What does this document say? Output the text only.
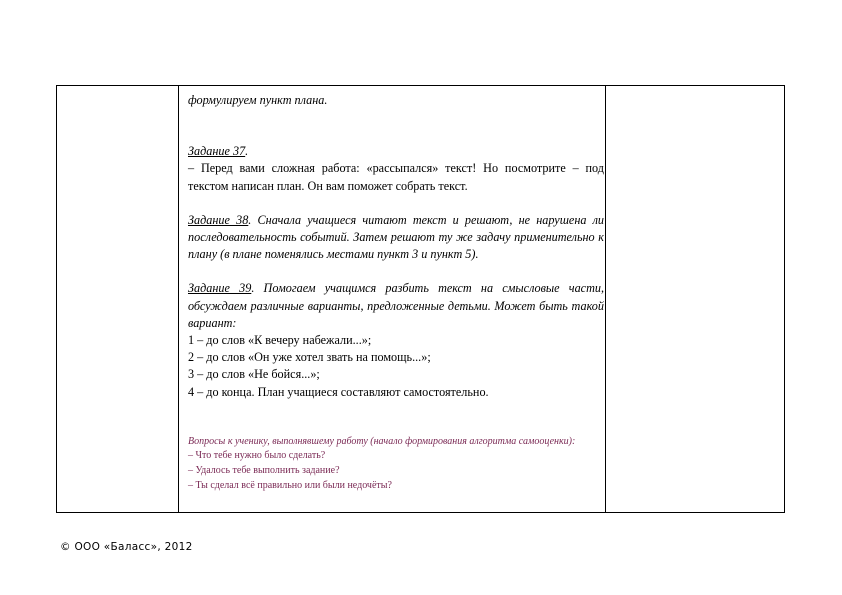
формулируем пункт плана.

Задание 37.

– Перед вами сложная работа: «рассыпался» текст! Но посмотрите – под текстом написан план. Он вам поможет собрать текст.

Задание 38. Сначала учащиеся читают текст и решают, не нарушена ли последовательность событий. Затем решают ту же задачу применительно к плану (в плане поменялись местами пункт 3 и пункт 5).

Задание 39. Помогаем учащимся разбить текст на смысловые части, обсуждаем различные варианты, предложенные детьми. Может быть такой вариант:

1 – до слов «К вечеру набежали...»;

2 – до слов «Он уже хотел звать на помощь...»;

3 – до слов «Не бойся...»;

4 – до конца. План учащиеся составляют самостоятельно.

Вопросы к ученику, выполнявшему работу (начало формирования алгоритма самооценки):

– Что тебе нужно было сделать?

– Удалось тебе выполнить задание?

– Ты сделал всё правильно или были недочёты?

© ООО «Баласс», 2012
